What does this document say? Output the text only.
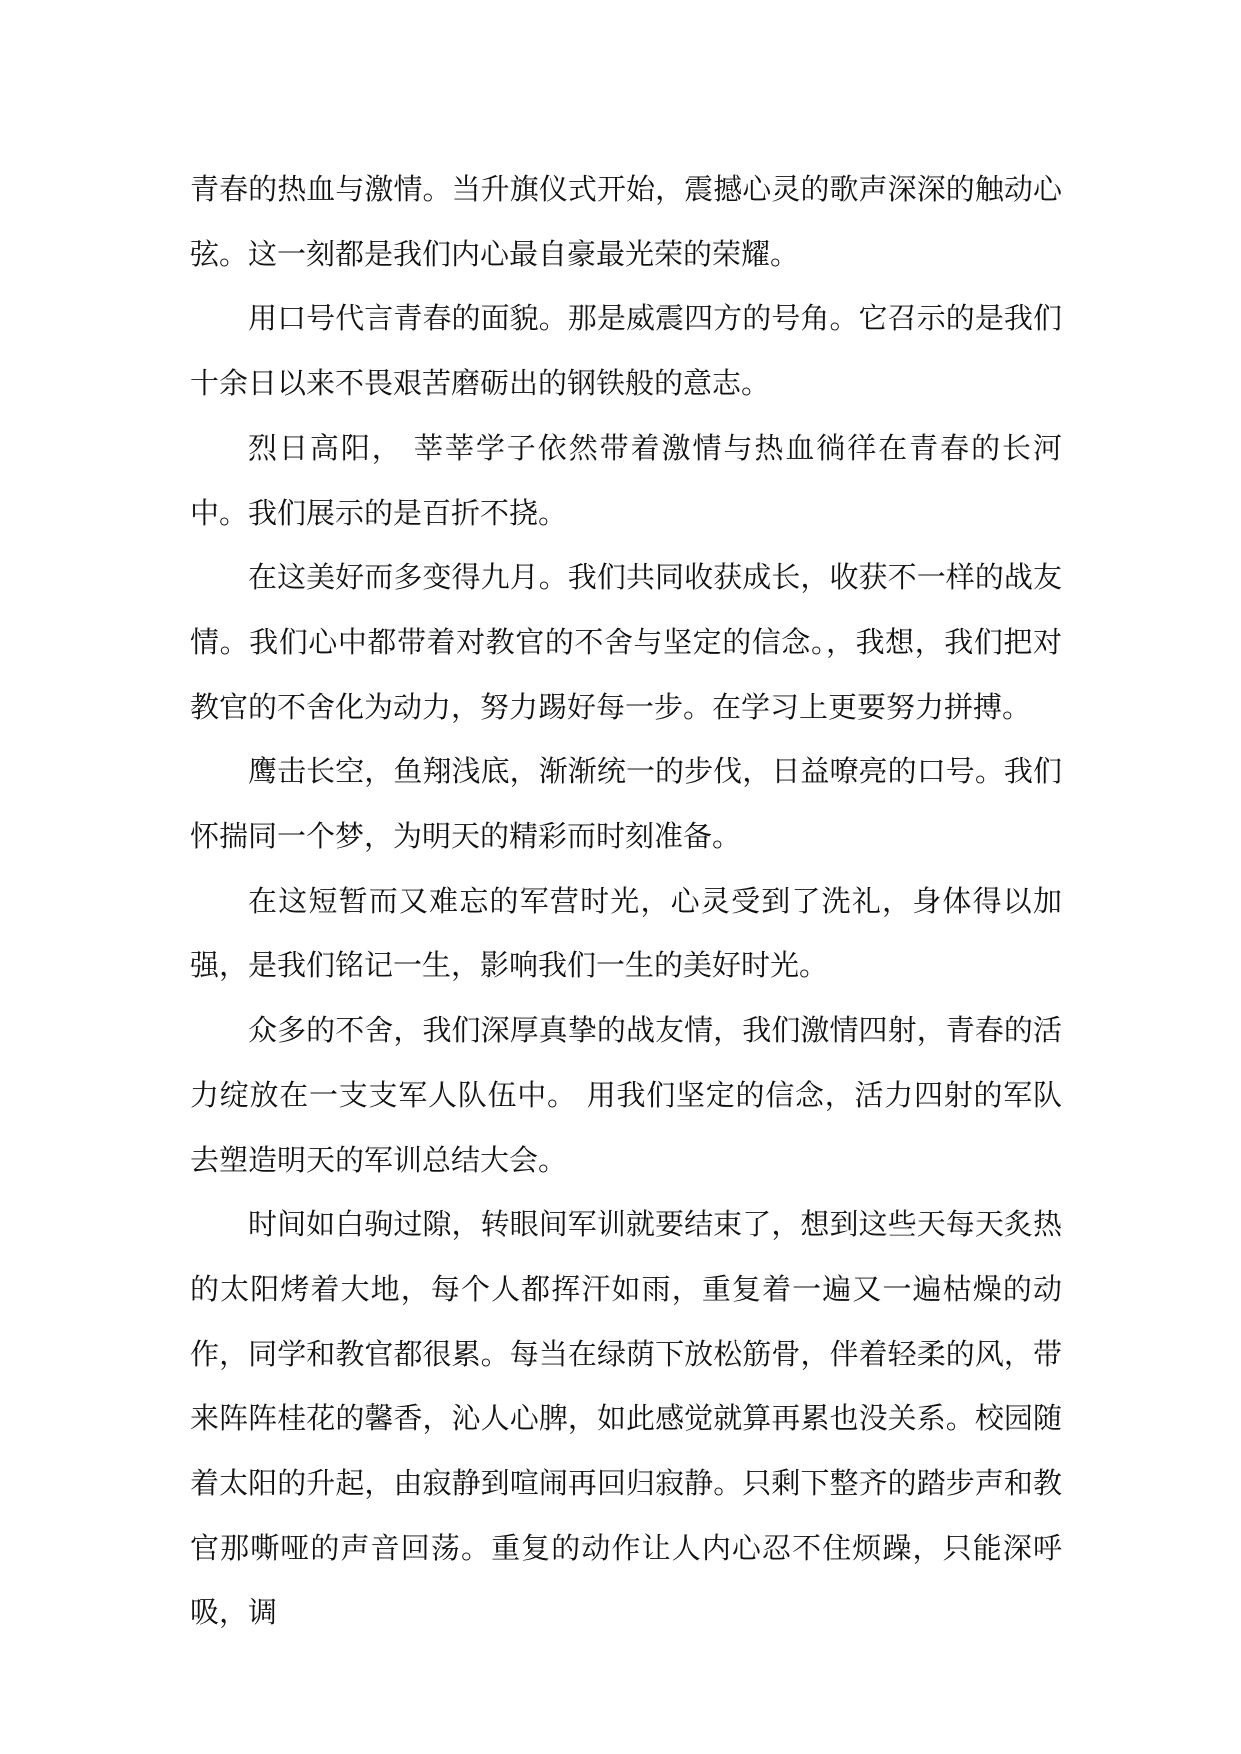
青春的热血与激情。当升旗仪式开始，震撼心灵的歌声深深的触动心弦。这一刻都是我们内心最自豪最光荣的荣耀。

用口号代言青春的面貌。那是威震四方的号角。它召示的是我们十余日以来不畏艰苦磨砺出的钢铁般的意志。

烈日高阳， 莘莘学子依然带着激情与热血徜徉在青春的长河中。我们展示的是百折不挠。

在这美好而多变得九月。我们共同收获成长，收获不一样的战友情。我们心中都带着对教官的不舍与坚定的信念。，我想，我们把对教官的不舍化为动力，努力踢好每一步。在学习上更要努力拼搏。

鹰击长空，鱼翔浅底，渐渐统一的步伐，日益嘹亮的口号。我们怀揣同一个梦，为明天的精彩而时刻准备。

在这短暂而又难忘的军营时光，心灵受到了洗礼，身体得以加强，是我们铭记一生，影响我们一生的美好时光。

众多的不舍，我们深厚真挚的战友情，我们激情四射，青春的活力绽放在一支支军人队伍中。 用我们坚定的信念，活力四射的军队去塑造明天的军训总结大会。

时间如白驹过隙，转眼间军训就要结束了，想到这些天每天炙热的太阳烤着大地，每个人都挥汗如雨，重复着一遍又一遍枯燥的动作，同学和教官都很累。每当在绿荫下放松筋骨，伴着轻柔的风，带来阵阵桂花的馨香，沁人心脾，如此感觉就算再累也没关系。校园随着太阳的升起，由寂静到喧闹再回归寂静。只剩下整齐的踏步声和教官那嘶哑的声音回荡。重复的动作让人内心忍不住烦躁，只能深呼吸，调
